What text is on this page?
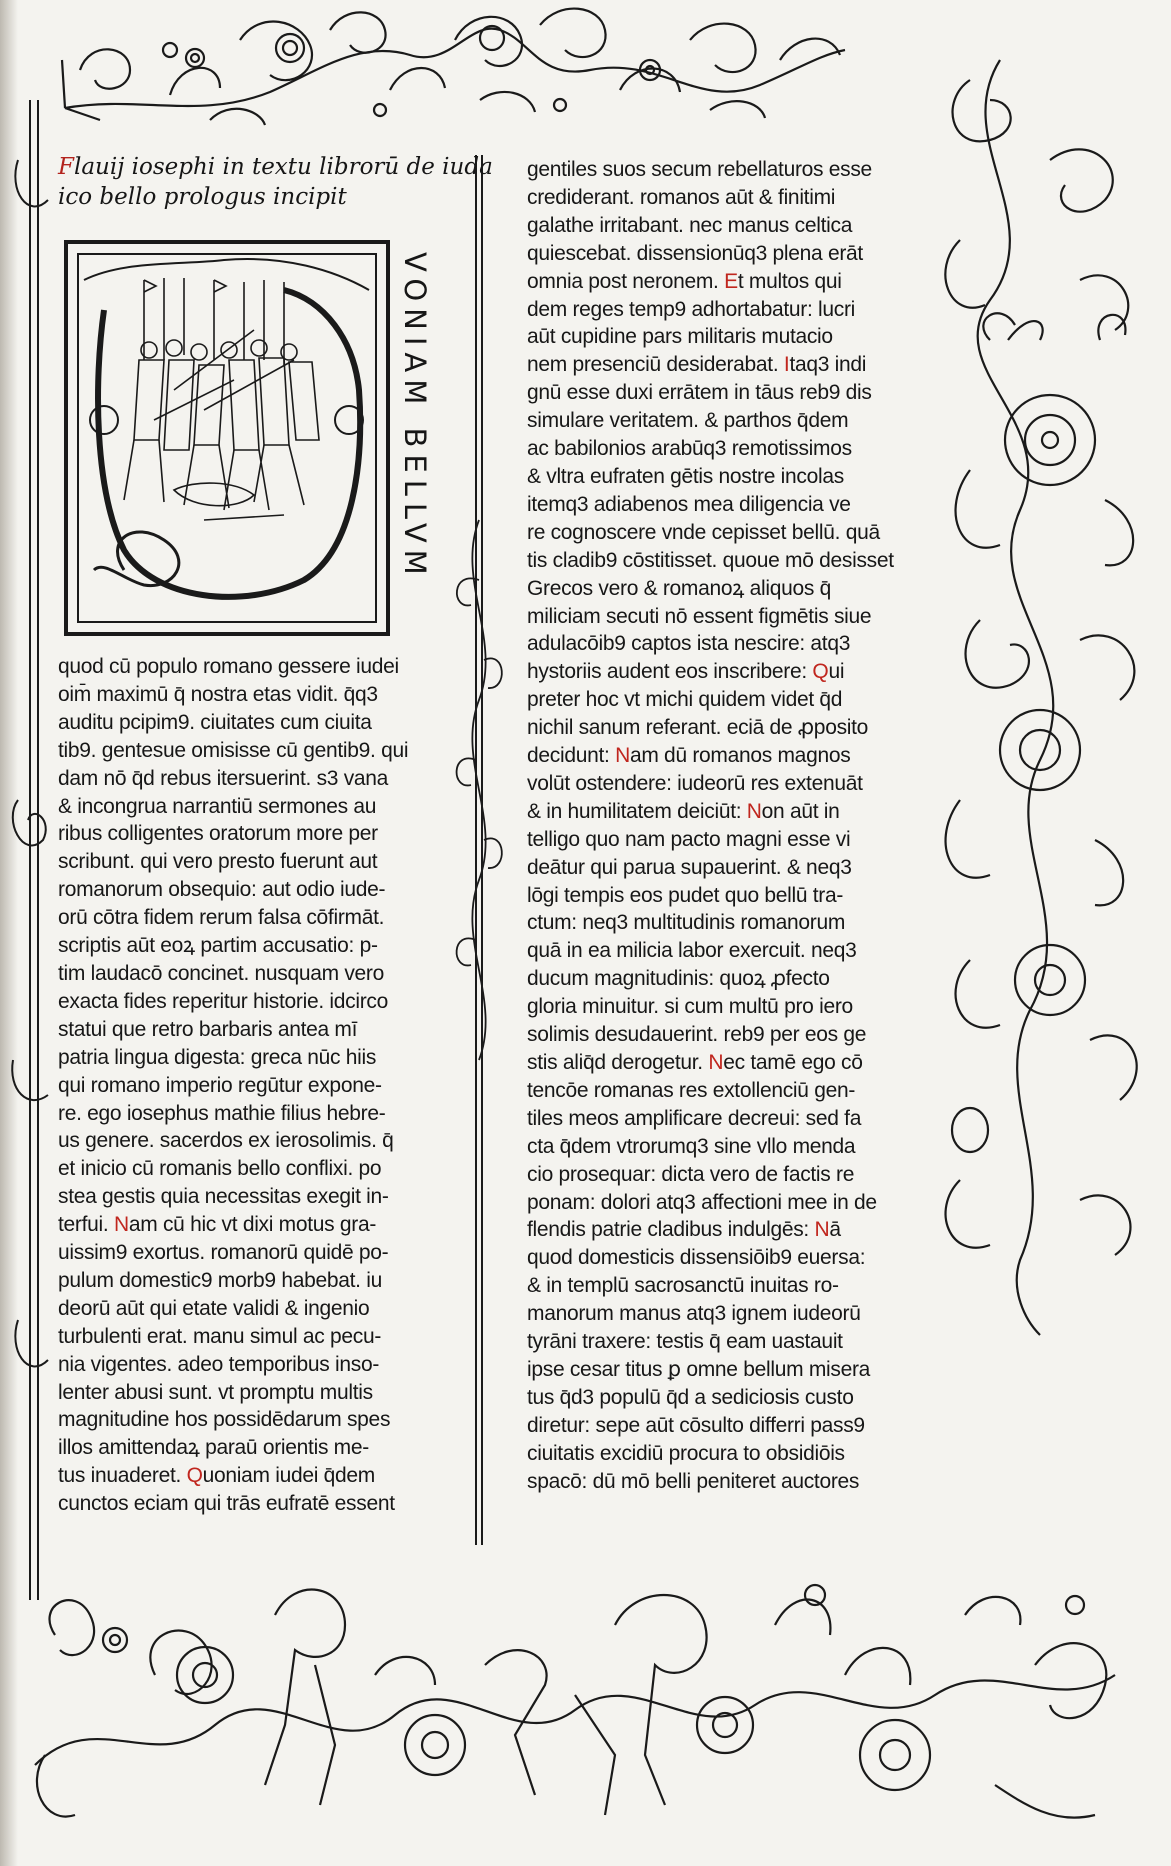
Flauij iosephi in textu librorū de iuda
ico bello prologus incipit
VONIAM BELLVM
quod cū populo romano gessere iudei
oim̄ maximū q̄ nostra etas vidit. q̄q3
auditu pcipim9. ciuitates cum ciuita
tib9. gentesue omisisse cū gentib9. qui
dam nō q̄d rebus itersuerint. s3 vana
& incongrua narrantiū sermones au
ribus colligentes oratorum more per
scribunt. qui vero presto fuerunt aut
romanorum obsequio: aut odio iude-
orū cōtra fidem rerum falsa cōfirmāt.
scriptis aūt eoꝝ partim accusatio: p-
tim laudacō concinet. nusquam vero
exacta fides reperitur historie. idcirco
statui que retro barbaris antea mī
patria lingua digesta: greca nūc hiis
qui romano imperio regūtur expone-
re. ego iosephus mathie filius hebre-
us genere. sacerdos ex ierosolimis. q̄
et inicio cū romanis bello conflixi. po
stea gestis quia necessitas exegit in-
terfui. Nam cū hic vt dixi motus gra-
uissim9 exortus. romanorū quidē po-
pulum domestic9 morb9 habebat. iu
deorū aūt qui etate validi & ingenio
turbulenti erat. manu simul ac pecu-
nia vigentes. adeo temporibus inso-
lenter abusi sunt. vt promptu multis
magnitudine hos possidēdarum spes
illos amittendaꝝ paraū orientis me-
tus inuaderet. Quoniam iudei q̄dem
cunctos eciam qui trās eufratē essent
gentiles suos secum rebellaturos esse
crediderant. romanos aūt & finitimi
galathe irritabant. nec manus celtica
quiescebat. dissensionūq3 plena erāt
omnia post neronem. Et multos qui
dem reges temp9 adhortabatur: lucri
aūt cupidine pars militaris mutacio
nem presenciū desiderabat. Itaq3 indi
gnū esse duxi errātem in tāus reb9 dis
simulare veritatem. & parthos q̄dem
ac babilonios arabūq3 remotissimos
& vltra eufraten gētis nostre incolas
itemq3 adiabenos mea diligencia ve
re cognoscere vnde cepisset bellū. quā
tis cladib9 cōstitisset. quoue mō desisset
Grecos vero & romanoꝝ aliquos q̄
miliciam secuti nō essent figmētis siue
adulacōib9 captos ista nescire: atq3
hystoriis audent eos inscribere: Qui
preter hoc vt michi quidem videt q̄d
nichil sanum referant. eciā de ꝓposito
decidunt: Nam dū romanos magnos
volūt ostendere: iudeorū res extenuāt
& in humilitatem deiciūt: Non aūt in
telligo quo nam pacto magni esse vi
deātur qui parua supauerint. & neq3
lōgi tempis eos pudet quo bellū tra-
ctum: neq3 multitudinis romanorum
quā in ea milicia labor exercuit. neq3
ducum magnitudinis: quoꝝ ꝓfecto
gloria minuitur. si cum multū pro iero
solimis desudauerint. reb9 per eos ge
stis aliq̄d derogetur. Nec tamē ego cō
tencōe romanas res extollenciū gen-
tiles meos amplificare decreui: sed fa
cta q̄dem vtrorumq3 sine vllo menda
cio prosequar: dicta vero de factis re
ponam: dolori atq3 affectioni mee in de
flendis patrie cladibus indulgēs: Nā
quod domesticis dissensiōib9 euersa:
& in templū sacrosanctū inuitas ro-
manorum manus atq3 ignem iudeorū
tyrāni traxere: testis q̄ eam uastauit
ipse cesar titus ꝑ omne bellum misera
tus q̄d3 populū q̄d a sediciosis custo
diretur: sepe aūt cōsulto differri pass9
ciuitatis excidiū procura to obsidiōis
spacō: dū mō belli peniteret auctores
